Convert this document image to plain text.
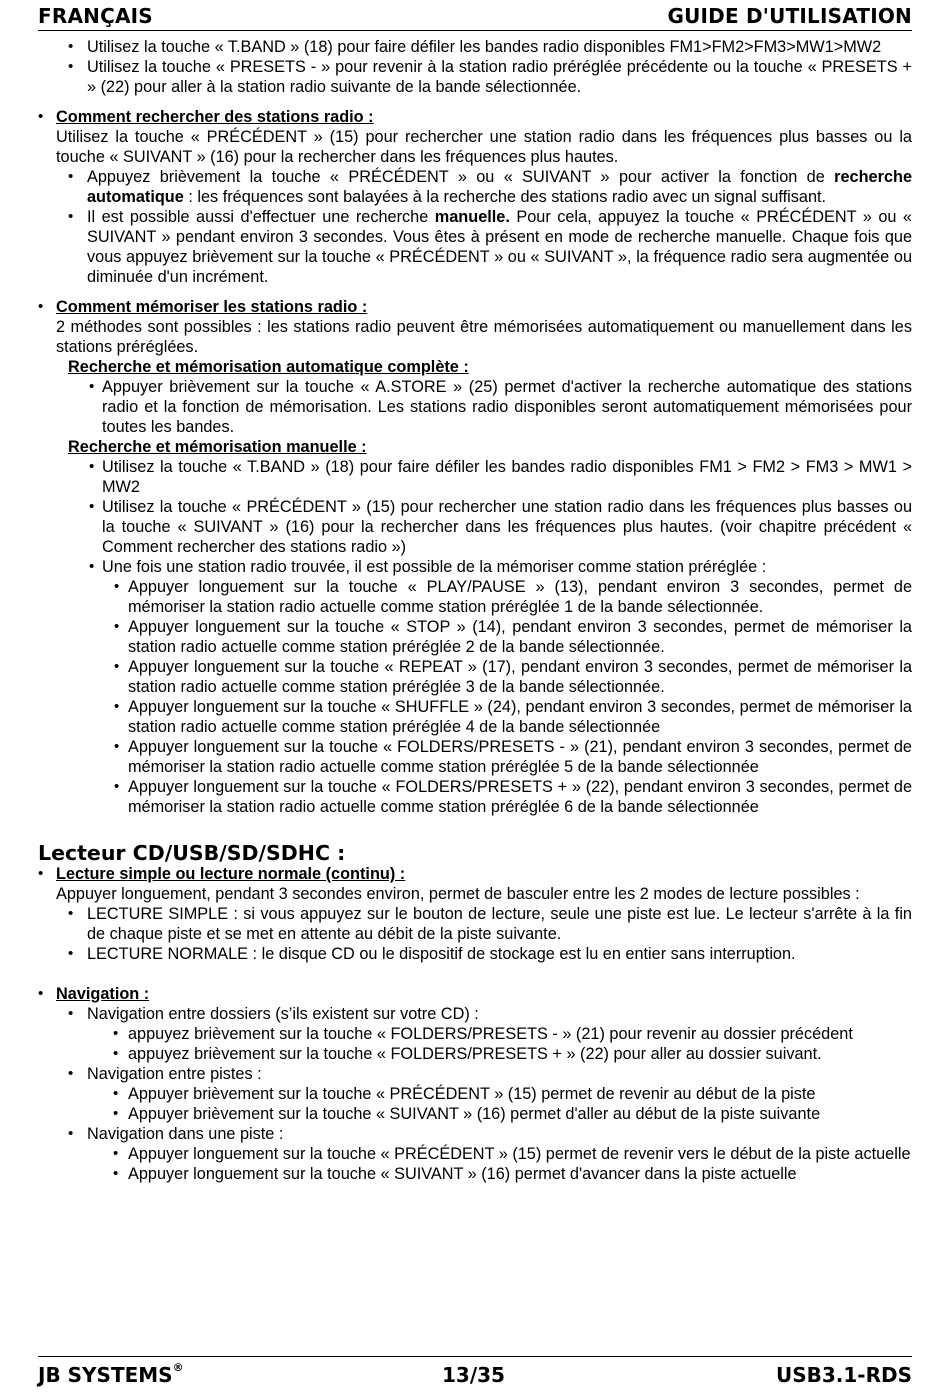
FRANÇAIS	GUIDE D'UTILISATION
• Utilisez la touche « T.BAND » (18) pour faire défiler les bandes radio disponibles FM1>FM2>FM3>MW1>MW2
• Utilisez la touche « PRESETS - » pour revenir à la station radio préréglée précédente ou la touche « PRESETS + » (22) pour aller à la station radio suivante de la bande sélectionnée.
• Comment rechercher des stations radio :
Utilisez la touche « PRÉCÉDENT » (15) pour rechercher une station radio dans les fréquences plus basses ou la touche « SUIVANT » (16) pour la rechercher dans les fréquences plus hautes.
• Appuyez brièvement la touche « PRÉCÉDENT » ou « SUIVANT » pour activer la fonction de recherche automatique : les fréquences sont balayées à la recherche des stations radio avec un signal suffisant.
• Il est possible aussi d'effectuer une recherche manuelle. Pour cela, appuyez la touche « PRÉCÉDENT » ou « SUIVANT » pendant environ 3 secondes. Vous êtes à présent en mode de recherche manuelle. Chaque fois que vous appuyez brièvement sur la touche « PRÉCÉDENT » ou « SUIVANT », la fréquence radio sera augmentée ou diminuée d'un incrément.
• Comment mémoriser les stations radio :
2 méthodes sont possibles : les stations radio peuvent être mémorisées automatiquement ou manuellement dans les stations préréglées.
Recherche et mémorisation automatique complète :
• Appuyer brièvement sur la touche « A.STORE » (25) permet d'activer la recherche automatique des stations radio et la fonction de mémorisation. Les stations radio disponibles seront automatiquement mémorisées pour toutes les bandes.
Recherche et mémorisation manuelle :
• Utilisez la touche « T.BAND » (18) pour faire défiler les bandes radio disponibles FM1 > FM2 > FM3 > MW1 > MW2
• Utilisez la touche « PRÉCÉDENT » (15) pour rechercher une station radio dans les fréquences plus basses ou la touche « SUIVANT » (16) pour la rechercher dans les fréquences plus hautes. (voir chapitre précédent « Comment rechercher des stations radio »)
• Une fois une station radio trouvée, il est possible de la mémoriser comme station préréglée :
• Appuyer longuement sur la touche « PLAY/PAUSE » (13), pendant environ 3 secondes, permet de mémoriser la station radio actuelle comme station préréglée 1 de la bande sélectionnée.
• Appuyer longuement sur la touche « STOP » (14), pendant environ 3 secondes, permet de mémoriser la station radio actuelle comme station préréglée 2 de la bande sélectionnée.
• Appuyer longuement sur la touche « REPEAT » (17), pendant environ 3 secondes, permet de mémoriser la station radio actuelle comme station préréglée 3 de la bande sélectionnée.
• Appuyer longuement sur la touche « SHUFFLE » (24), pendant environ 3 secondes, permet de mémoriser la station radio actuelle comme station préréglée 4 de la bande sélectionnée
• Appuyer longuement sur la touche « FOLDERS/PRESETS - » (21), pendant environ 3 secondes, permet de mémoriser la station radio actuelle comme station préréglée 5 de la bande sélectionnée
• Appuyer longuement sur la touche « FOLDERS/PRESETS + » (22), pendant environ 3 secondes, permet de mémoriser la station radio actuelle comme station préréglée 6 de la bande sélectionnée
Lecteur CD/USB/SD/SDHC :
• Lecture simple ou lecture normale (continu) :
Appuyer longuement, pendant 3 secondes environ, permet de basculer entre les 2 modes de lecture possibles :
• LECTURE SIMPLE : si vous appuyez sur le bouton de lecture, seule une piste est lue. Le lecteur s'arrête à la fin de chaque piste et se met en attente au débit de la piste suivante.
• LECTURE NORMALE : le disque CD ou le dispositif de stockage est lu en entier sans interruption.
• Navigation :
• Navigation entre dossiers (s’ils existent sur votre CD) :
• appuyez brièvement sur la touche « FOLDERS/PRESETS - » (21) pour revenir au dossier précédent
• appuyez brièvement sur la touche « FOLDERS/PRESETS + » (22) pour aller au dossier suivant.
• Navigation entre pistes :
• Appuyer brièvement sur la touche « PRÉCÉDENT » (15) permet de revenir au début de la piste
• Appuyer brièvement sur la touche « SUIVANT » (16) permet d'aller au début de la piste suivante
• Navigation dans une piste :
• Appuyer longuement sur la touche « PRÉCÉDENT » (15) permet de revenir vers le début de la piste actuelle
• Appuyer longuement sur la touche « SUIVANT » (16) permet d'avancer dans la piste actuelle
JB SYSTEMS®	13/35	USB3.1-RDS
